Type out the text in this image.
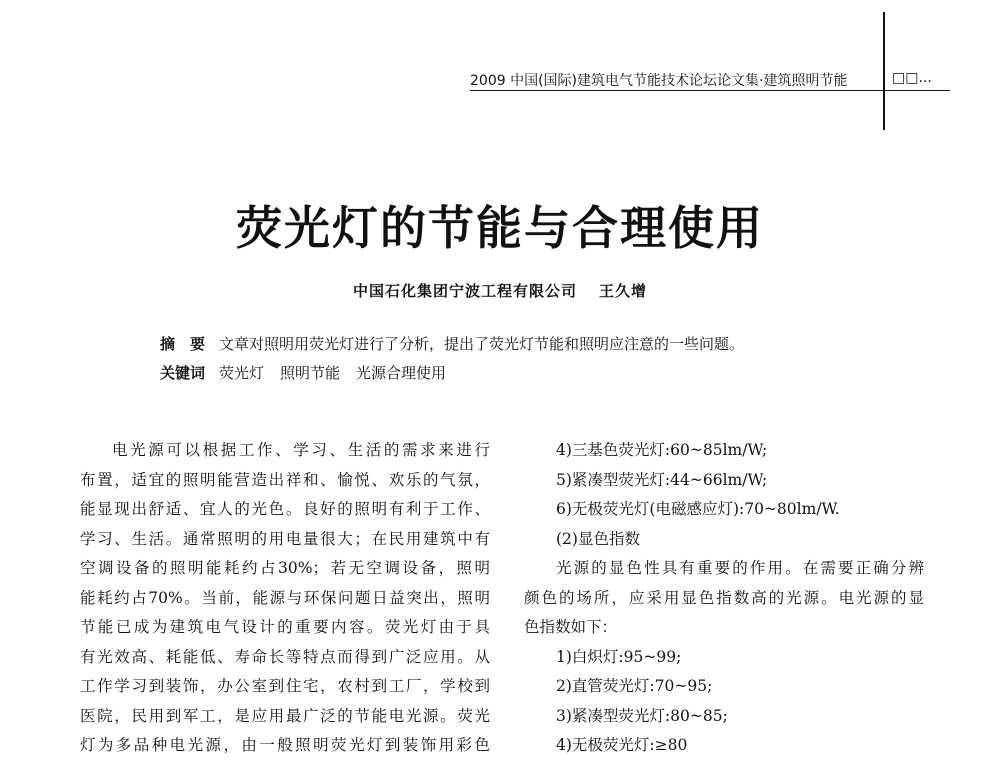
2009 中国(国际)建筑电气节能技术论坛论文集·建筑照明节能	□□...
荧光灯的节能与合理使用
中国石化集团宁波工程有限公司 王久增
摘　要 文章对照明用荧光灯进行了分析，提出了荧光灯节能和照明应注意的一些问题。
关键词 荧光灯 照明节能 光源合理使用

电光源可以根据工作、学习、生活的需求来进行

布置，适宜的照明能营造出祥和、愉悦、欢乐的气氛，

能显现出舒适、宜人的光色。良好的照明有利于工作、

学习、生活。通常照明的用电量很大；在民用建筑中有

空调设备的照明能耗约占30%；若无空调设备，照明

能耗约占70%。当前，能源与环保问题日益突出，照明

节能已成为建筑电气设计的重要内容。荧光灯由于具

有光效高、耗能低、寿命长等特点而得到广泛应用。从

工作学习到装饰，办公室到住宅，农村到工厂，学校到

医院，民用到军工，是应用最广泛的节能电光源。荧光

灯为多品种电光源，由一般照明荧光灯到装饰用彩色

4)三基色荧光灯:60~85lm/W;

5)紧凑型荧光灯:44~66lm/W;

6)无极荧光灯(电磁感应灯):70~80lm/W.

(2)显色指数

光源的显色性具有重要的作用。在需要正确分辨

颜色的场所，应采用显色指数高的光源。电光源的显

色指数如下：

1)白炽灯:95~99;

2)直管荧光灯:70~95;

3)紧凑型荧光灯:80~85;

4)无极荧光灯:≥80
